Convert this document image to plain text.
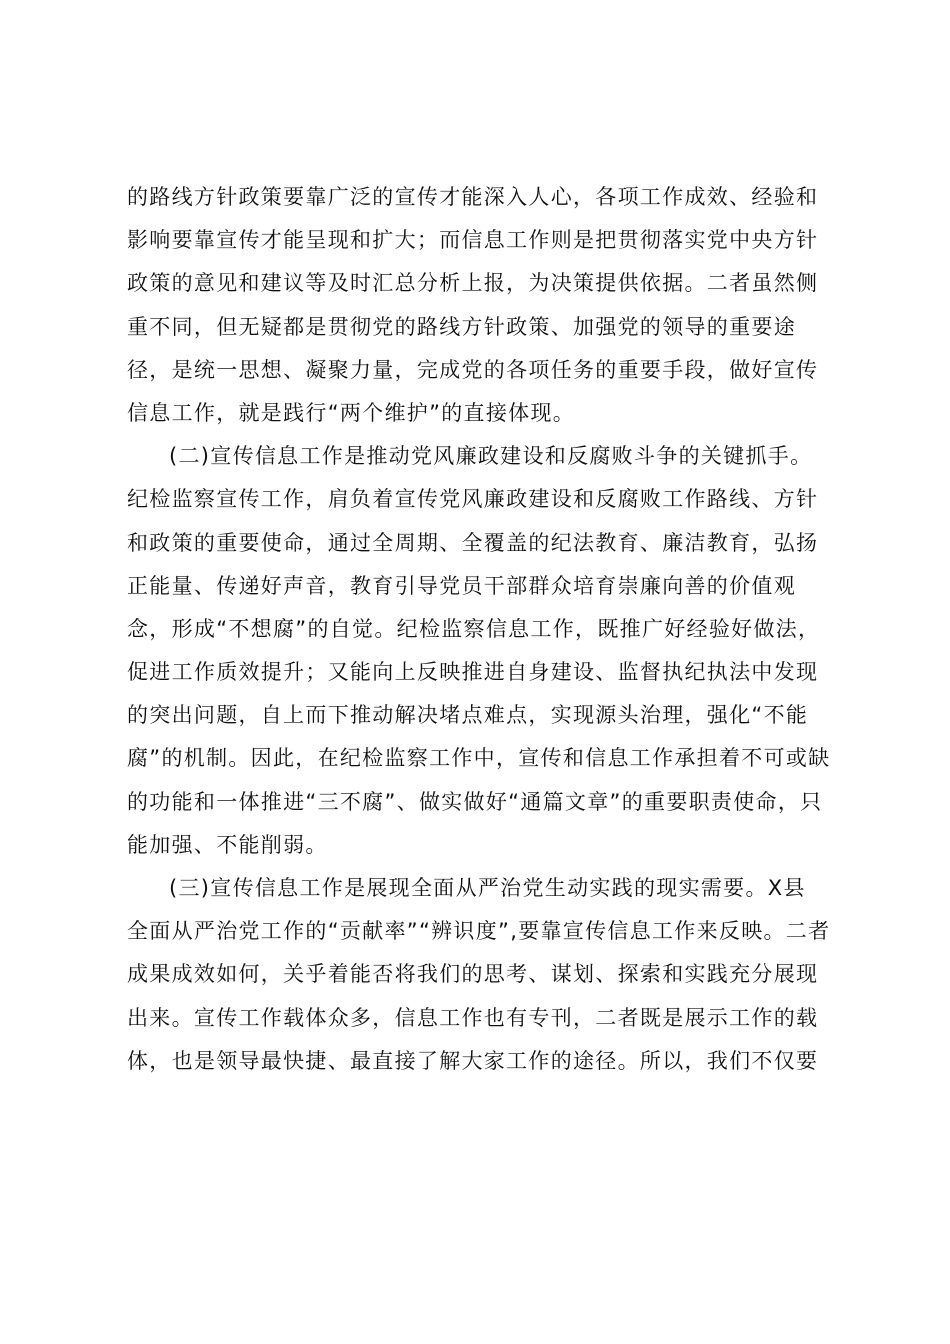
的路线方针政策要靠广泛的宣传才能深入人心，各项工作成效、经验和
影响要靠宣传才能呈现和扩大；而信息工作则是把贯彻落实党中央方针
政策的意见和建议等及时汇总分析上报，为决策提供依据。二者虽然侧
重不同，但无疑都是贯彻党的路线方针政策、加强党的领导的重要途
径，是统一思想、凝聚力量，完成党的各项任务的重要手段，做好宣传
信息工作，就是践行“两个维护”的直接体现。
(二)宣传信息工作是推动党风廉政建设和反腐败斗争的关键抓手。
纪检监察宣传工作，肩负着宣传党风廉政建设和反腐败工作路线、方针
和政策的重要使命，通过全周期、全覆盖的纪法教育、廉洁教育，弘扬
正能量、传递好声音，教育引导党员干部群众培育崇廉向善的价值观
念，形成“不想腐”的自觉。纪检监察信息工作，既推广好经验好做法，
促进工作质效提升；又能向上反映推进自身建设、监督执纪执法中发现
的突出问题，自上而下推动解决堵点难点，实现源头治理，强化“不能
腐”的机制。因此，在纪检监察工作中，宣传和信息工作承担着不可或缺
的功能和一体推进“三不腐”、做实做好“通篇文章”的重要职责使命，只
能加强、不能削弱。
(三)宣传信息工作是展现全面从严治党生动实践的现实需要。X县
全面从严治党工作的“贡献率”“辨识度”,要靠宣传信息工作来反映。二者
成果成效如何，关乎着能否将我们的思考、谋划、探索和实践充分展现
出来。宣传工作载体众多，信息工作也有专刊，二者既是展示工作的载
体，也是领导最快捷、最直接了解大家工作的途径。所以，我们不仅要
